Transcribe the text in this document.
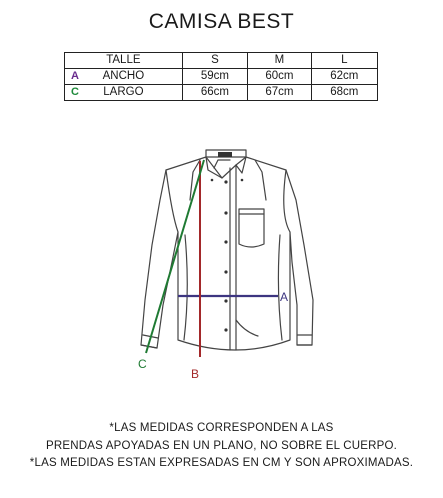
CAMISA BEST
TALLE	S	M	L

A ANCHO	59cm	60cm	62cm

C LARGO	66cm	67cm	68cm
A
B
C
*LAS MEDIDAS CORRESPONDEN A LAS
PRENDAS APOYADAS EN UN PLANO, NO SOBRE EL CUERPO.
*LAS MEDIDAS ESTAN EXPRESADAS EN CM Y SON APROXIMADAS.
